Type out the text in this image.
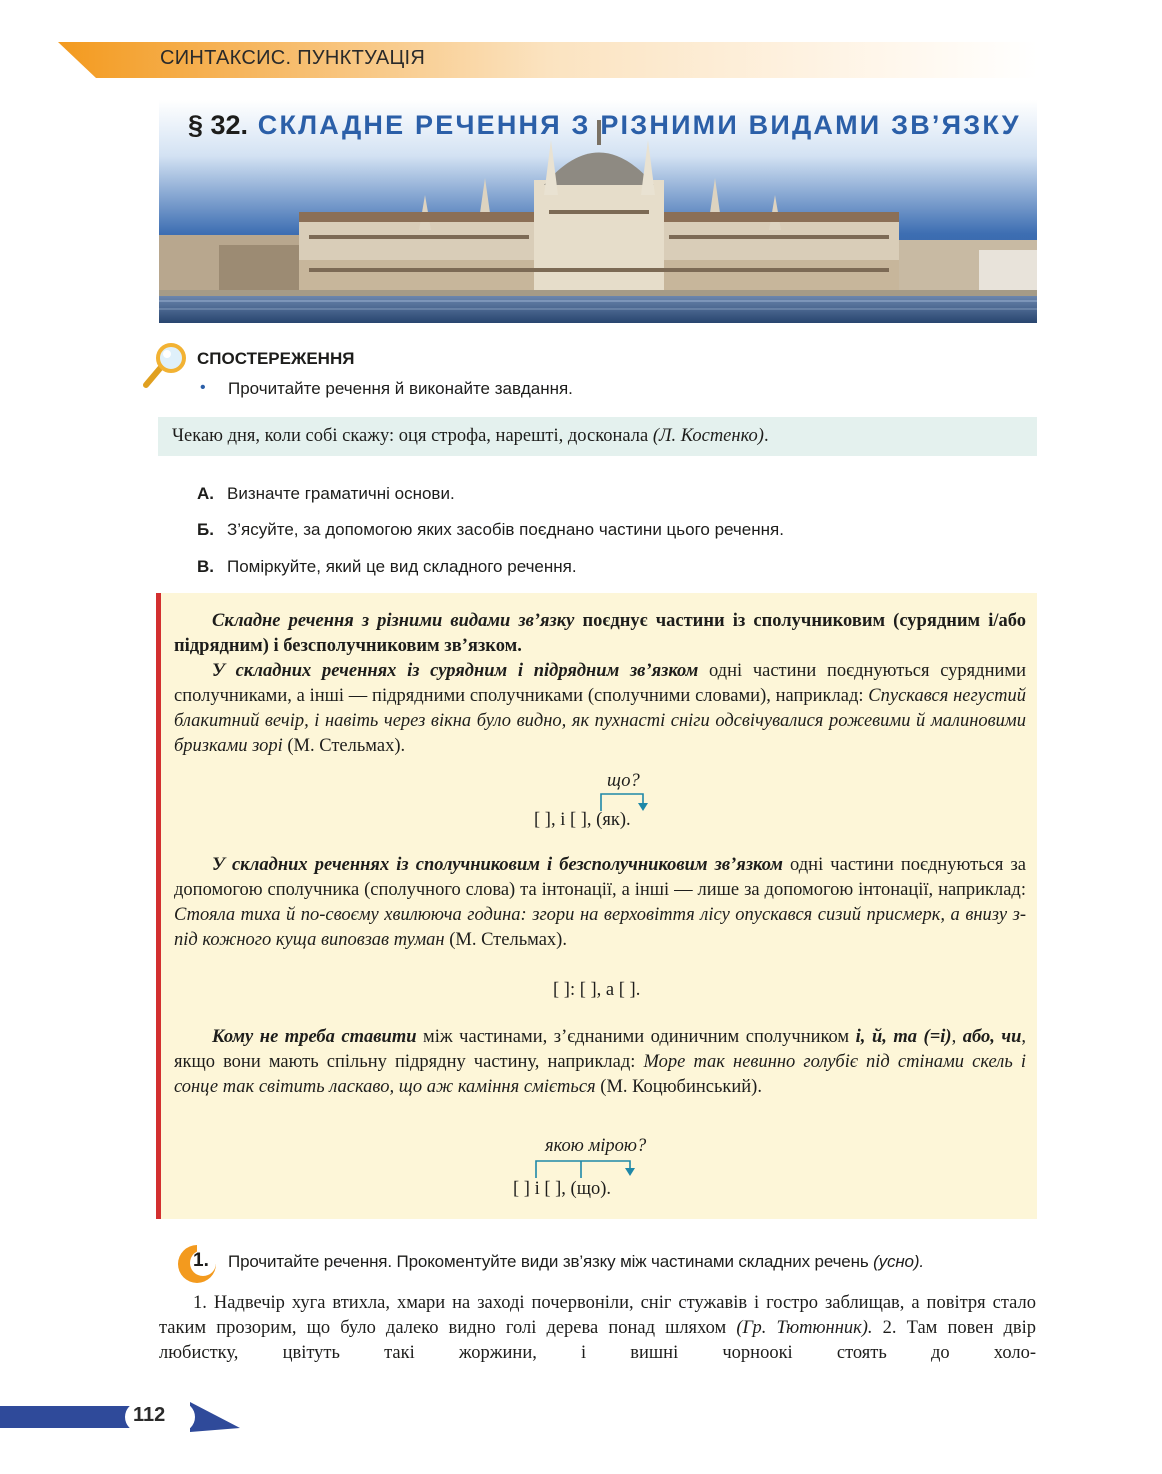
СИНТАКСИС. ПУНКТУАЦІЯ
§ 32. СКЛАДНЕ РЕЧЕННЯ З РІЗНИМИ ВИДАМИ ЗВ’ЯЗКУ
СПОСТЕРЕЖЕННЯ
• Прочитайте речення й виконайте завдання.
Чекаю дня, коли собі скажу: оця строфа, нарешті, досконала (Л. Костенко).
А. Визначте граматичні основи.
Б. З’ясуйте, за допомогою яких засобів поєднано частини цього речення.
В. Поміркуйте, який це вид складного речення.
Складне речення з різними видами зв’язку поєднує частини із сполучниковим (сурядним і/або підрядним) і безсполучниковим зв’язком.
У складних реченнях із сурядним і підрядним зв’язком одні частини поєднуються сурядними сполучниками, а інші — підрядними сполучниками (сполучними словами), наприклад: Спускався негустий блакитний вечір, і навіть через вікна було видно, як пухнасті сніги одсвічувалися рожевими й малиновими бризками зорі (М. Стельмах).
що?
[ ], і [ ], (як).
У складних реченнях із сполучниковим і безсполучниковим зв’язком одні частини поєднуються за допомогою сполучника (сполучного слова) та інтонації, а інші — лише за допомогою інтонації, наприклад: Стояла тиха й по-своєму хвилююча година: згори на верховіття лісу опускався сизий присмерк, а внизу з-під кожного куща виповзав туман (М. Стельмах).
[ ]: [ ], а [ ].
Кому не треба ставити між частинами, з’єднаними одиничним сполучником і, й, та (=і), або, чи, якщо вони мають спільну підрядну частину, наприклад: Море так невинно голубіє під стінами скель і сонце так світить ласкаво, що аж каміння сміється (М. Коцюбинський).
якою мірою?
[ ] і [ ], (що).
1. Прочитайте речення. Прокоментуйте види зв’язку між частинами складних речень (усно).
1. Надвечір хуга втихла, хмари на заході почервоніли, сніг стужавів і гостро заблищав, а повітря стало таким прозорим, що було далеко видно голі дерева понад шляхом (Гр. Тютюнник). 2. Там повен двір любистку, цвітуть такі жоржини, і вишні чорноокі стоять до холо-
112
